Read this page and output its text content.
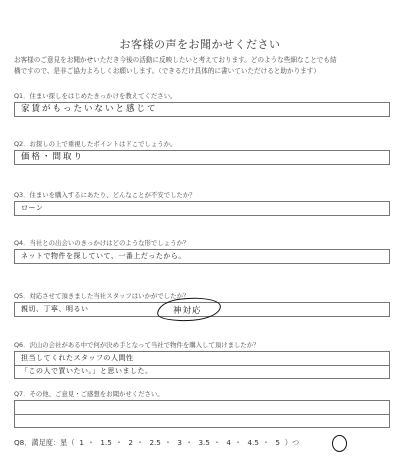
お客様の声をお聞かせください
お客様のご意見をお聞かせいただき今後の活動に反映したいと考えております。どのような些細なことでも結
構ですので、是非ご協力よろしくお願いします。（できるだけ具体的に書いていただけると助かります）
Q1．住まい探しをはじめたきっかけを教えてください。
家賃がもったいないと感じて
Q2．お探しの上で重視したポイントはドこでしょうか。
価格・間取り
Q3．住まいを購入するにあたり、どんなことが不安でしたか？
ローン
Q4．当社との出会いのきっかけはどのような形でしょうか？
ネットで物件を探していて、一番上だったから。
Q5．対応させて頂きました当社スタッフはいかがでしたか？
親切、丁寧、明るい	神対応
Q6．沢山の会社がある中で何が決め手となって当社で物件を購入して頂けましたか？
担当してくれたスタッフの人間性
「この人で買いたい。」と思いました。
Q7．その他、ご意見・ご感想をお聞かせください。
Q8．満足度：星（ 1 ・ 1.5 ・ 2 ・ 2.5 ・ 3 ・ 3.5 ・ 4 ・ 4.5 ・ 5 ）つ
